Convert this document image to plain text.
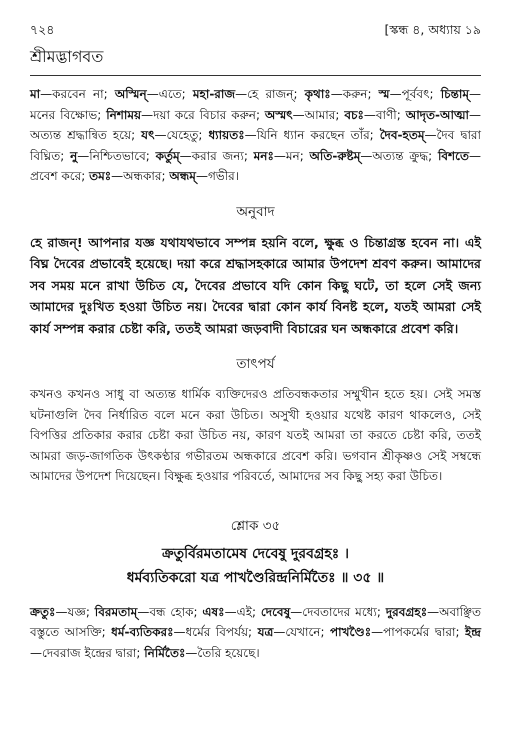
৭২৪	[স্কন্ধ ৪, অধ্যায় ১৯
শ্রীমদ্ভাগবত

মা—করবেন না; অস্মিন্—এতে; মহা-রাজ—হে রাজন্; কৃথাঃ—করুন; স্ম—পূর্ববৎ; চিন্তাম্—মনের বিক্ষোভ; নিশাময়—দয়া করে বিচার করুন; অস্মৎ—আমার; বচঃ—বাণী; আদৃত-আত্মা—অত্যন্ত শ্রদ্ধান্বিত হয়ে; যৎ—যেহেতু; ধ্যায়তঃ—যিনি ধ্যান করছেন তাঁর; দৈব-হতম্—দৈব দ্বারা বিঘ্নিত; নু—নিশ্চিতভাবে; কর্তুম্—করার জন্য; মনঃ—মন; অতি-রুষ্টম্—অত্যন্ত ক্রুদ্ধ; বিশতে—প্রবেশ করে; তমঃ—অন্ধকার; অন্ধম্—গভীর।

অনুবাদ

হে রাজন্! আপনার যজ্ঞ যথাযথভাবে সম্পন্ন হয়নি বলে, ক্ষুব্ধ ও চিন্তাগ্রস্ত হবেন না। এই বিঘ্ন দৈবের প্রভাবেই হয়েছে। দয়া করে শ্রদ্ধাসহকারে আমার উপদেশ শ্রবণ করুন। আমাদের সব সময় মনে রাখা উচিত যে, দৈবের প্রভাবে যদি কোন কিছু ঘটে, তা হলে সেই জন্য আমাদের দুঃখিত হওয়া উচিত নয়। দৈবের দ্বারা কোন কার্য বিনষ্ট হলে, যতই আমরা সেই কার্য সম্পন্ন করার চেষ্টা করি, ততই আমরা জড়বাদী বিচারের ঘন অন্ধকারে প্রবেশ করি।

তাৎপর্য

কখনও কখনও সাধু বা অত্যন্ত ধার্মিক ব্যক্তিদেরও প্রতিবন্ধকতার সম্মুখীন হতে হয়। সেই সমস্ত ঘটনাগুলি দৈব নির্ধারিত বলে মনে করা উচিত। অসুখী হওয়ার যথেষ্ট কারণ থাকলেও, সেই বিপত্তির প্রতিকার করার চেষ্টা করা উচিত নয়, কারণ যতই আমরা তা করতে চেষ্টা করি, ততই আমরা জড়-জাগতিক উৎকণ্ঠার গভীরতম অন্ধকারে প্রবেশ করি। ভগবান শ্রীকৃষ্ণও সেই সম্বন্ধে আমাদের উপদেশ দিয়েছেন। বিক্ষুব্ধ হওয়ার পরিবর্তে, আমাদের সব কিছু সহ্য করা উচিত।

শ্লোক ৩৫

ক্রতুর্বিরমতামেষ দেবেষু দুরবগ্রহঃ ।

ধর্মব্যতিকরো যত্র পাখণ্ডৈরিন্দ্রনির্মিতৈঃ ॥ ৩৫ ॥

ক্রতুঃ—যজ্ঞ; বিরমতাম্—বন্ধ হোক; এষঃ—এই; দেবেষু—দেবতাদের মধ্যে; দুরবগ্রহঃ—অবাঞ্ছিত বস্তুতে আসক্তি; ধর্ম-ব্যতিকরঃ—ধর্মের বিপর্যয়; যত্র—যেখানে; পাখণ্ডৈঃ—পাপকর্মের দ্বারা; ইন্দ্র—দেবরাজ ইন্দ্রের দ্বারা; নির্মিতৈঃ—তৈরি হয়েছে।
